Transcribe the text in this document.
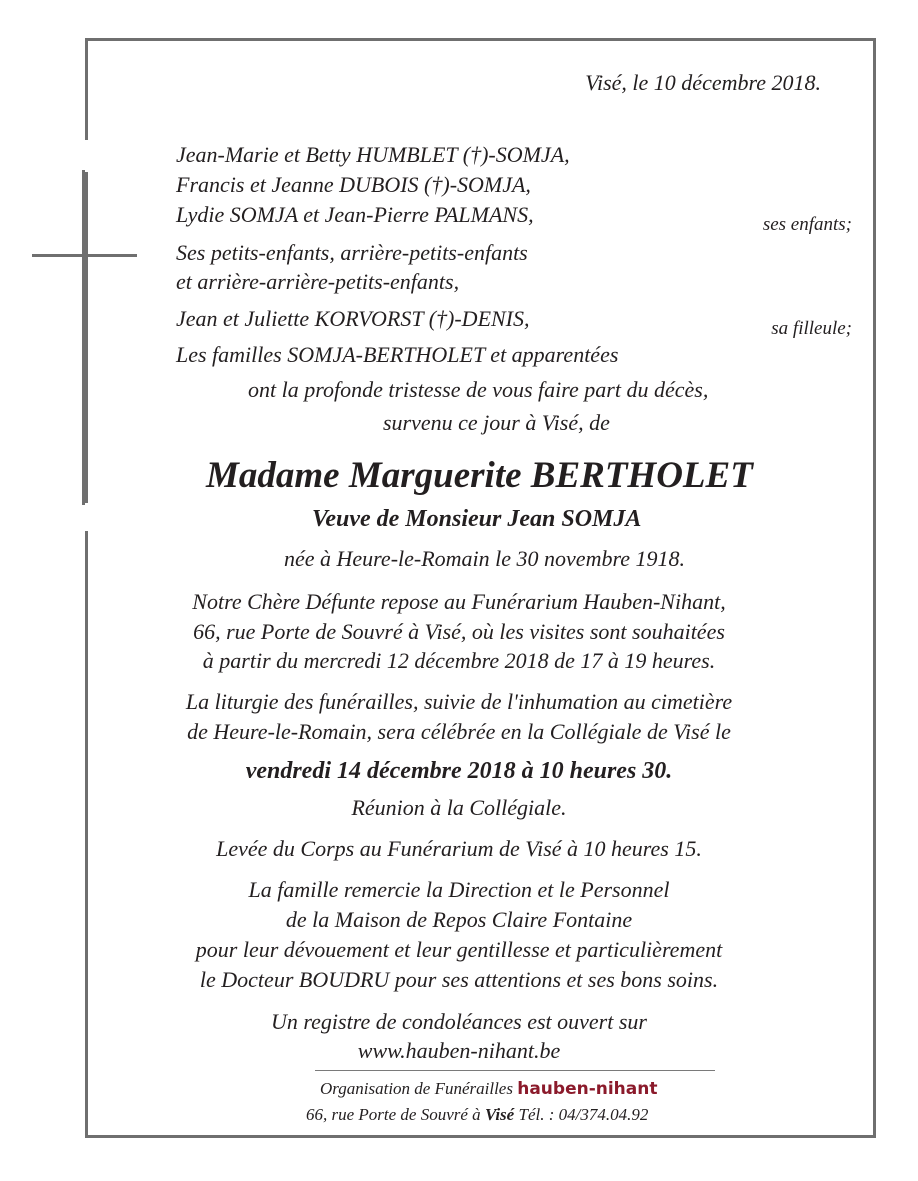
Visé, le 10 décembre 2018.
Jean-Marie et Betty HUMBLET (†)-SOMJA,
Francis et Jeanne DUBOIS (†)-SOMJA,
Lydie SOMJA et Jean-Pierre PALMANS,	ses enfants;
Ses petits-enfants, arrière-petits-enfants
et arrière-arrière-petits-enfants,
Jean et Juliette KORVORST (†)-DENIS,	sa filleule;
Les familles SOMJA-BERTHOLET et apparentées
ont la profonde tristesse de vous faire part du décès,
survenu ce jour à Visé, de
Madame Marguerite BERTHOLET
Veuve de Monsieur Jean SOMJA
née à Heure-le-Romain le 30 novembre 1918.
Notre Chère Défunte repose au Funérarium Hauben-Nihant,
66, rue Porte de Souvré à Visé, où les visites sont souhaitées
à partir du mercredi 12 décembre 2018 de 17 à 19 heures.
La liturgie des funérailles, suivie de l'inhumation au cimetière
de Heure-le-Romain, sera célébrée en la Collégiale de Visé le
vendredi 14 décembre 2018 à 10 heures 30.
Réunion à la Collégiale.
Levée du Corps au Funérarium de Visé à 10 heures 15.
La famille remercie la Direction et le Personnel
de la Maison de Repos Claire Fontaine
pour leur dévouement et leur gentillesse et particulièrement
le Docteur BOUDRU pour ses attentions et ses bons soins.
Un registre de condoléances est ouvert sur
www.hauben-nihant.be
Organisation de Funérailles hauben-nihant
66, rue Porte de Souvré à Visé Tél. : 04/374.04.92
